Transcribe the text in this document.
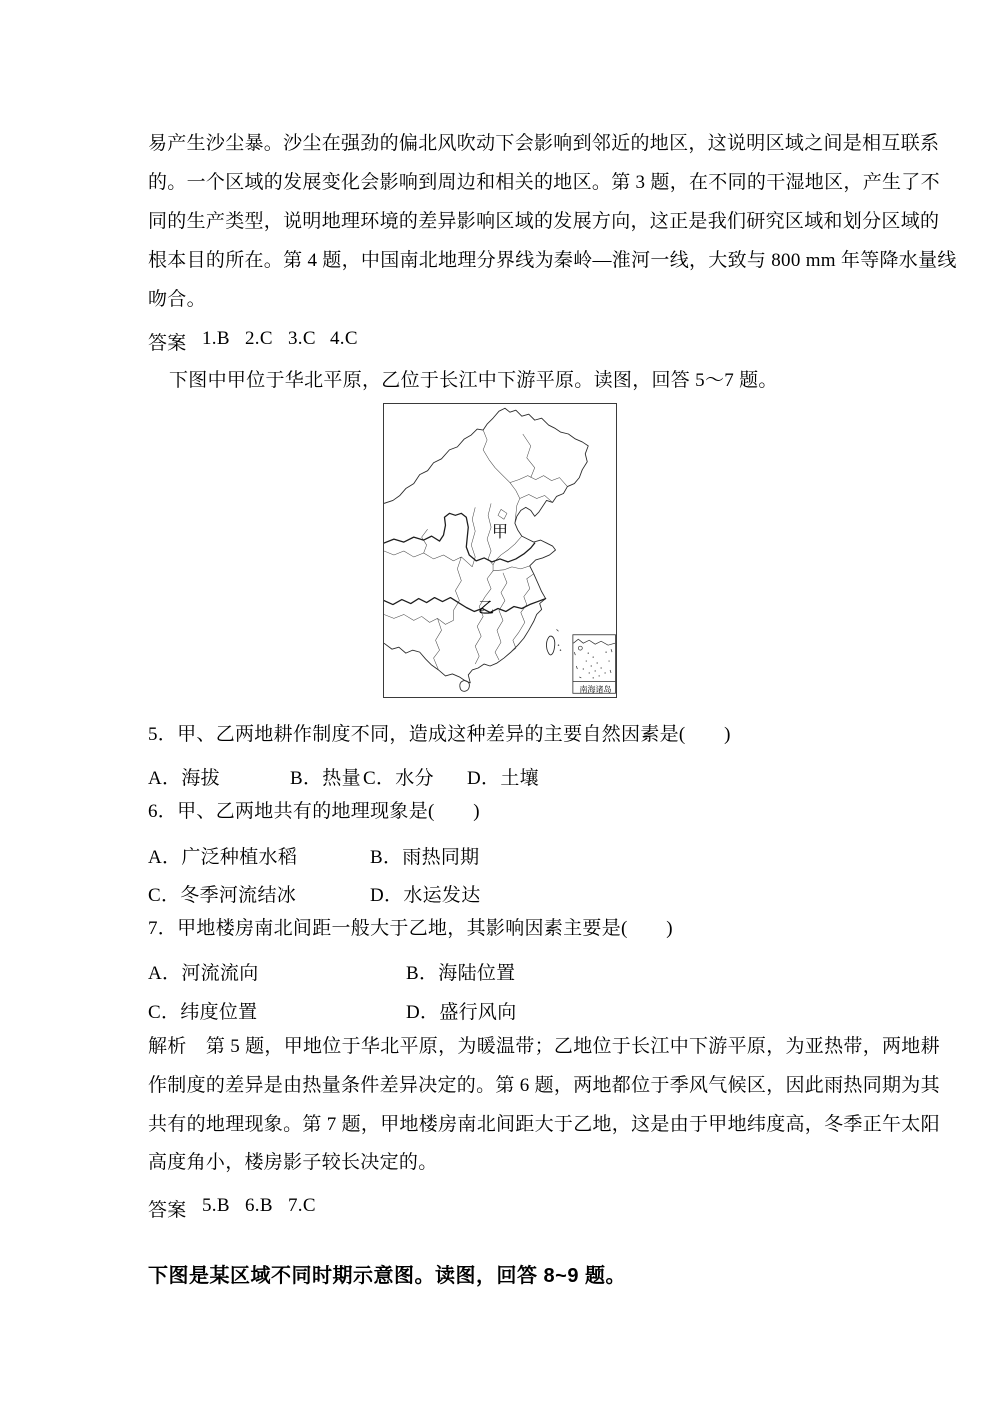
易产生沙尘暴。沙尘在强劲的偏北风吹动下会影响到邻近的地区，这说明区域之间是相互联系
的。一个区域的发展变化会影响到周边和相关的地区。第 3 题，在不同的干湿地区，产生了不
同的生产类型，说明地理环境的差异影响区域的发展方向，这正是我们研究区域和划分区域的
根本目的所在。第 4 题，中国南北地理分界线为秦岭—淮河一线，大致与 800 mm 年等降水量线
吻合。
答案 1.B 2.C 3.C 4.C
下图中甲位于华北平原，乙位于长江中下游平原。读图，回答 5～7 题。
甲
乙
南海诸岛
5．甲、乙两地耕作制度不同，造成这种差异的主要自然因素是(　　)
A．海拔	B．热量 C．水分 D．土壤
6．甲、乙两地共有的地理现象是(　　)
A．广泛种植水稻	B．雨热同期
C．冬季河流结冰	D．水运发达
7．甲地楼房南北间距一般大于乙地，其影响因素主要是(　　)
A．河流流向	B．海陆位置
C．纬度位置	D．盛行风向
解析　第 5 题，甲地位于华北平原，为暖温带；乙地位于长江中下游平原，为亚热带，两地耕
作制度的差异是由热量条件差异决定的。第 6 题，两地都位于季风气候区，因此雨热同期为其
共有的地理现象。第 7 题，甲地楼房南北间距大于乙地，这是由于甲地纬度高，冬季正午太阳
高度角小，楼房影子较长决定的。
答案 5.B 6.B 7.C
下图是某区域不同时期示意图。读图，回答 8~9 题。
